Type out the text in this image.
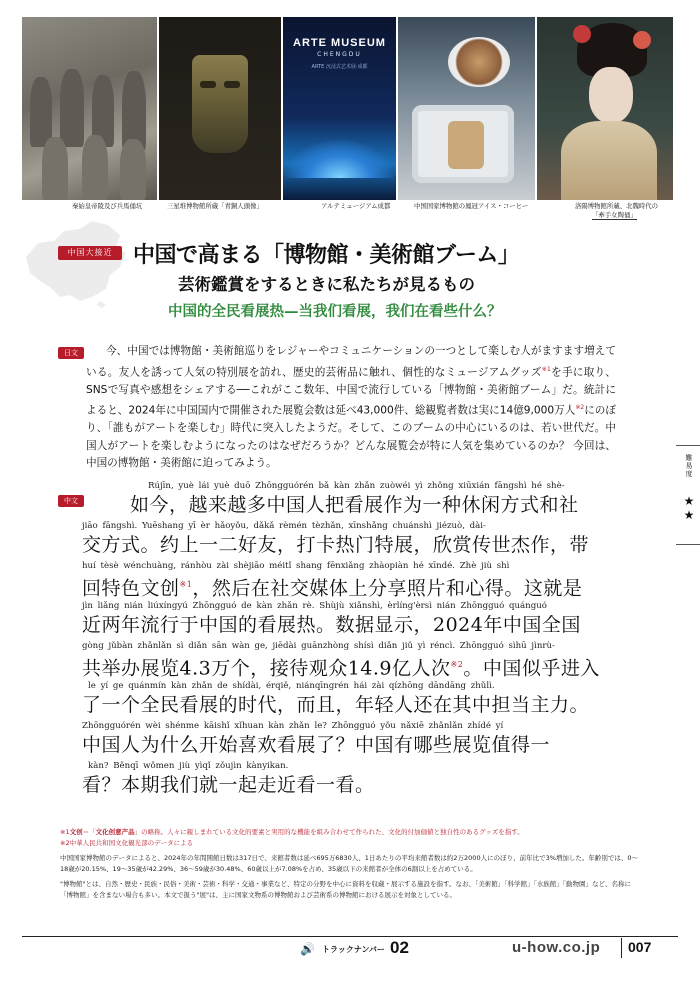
ARTE MUSEUM
CHENGDU
ARTE 沉浸式艺术展·成都
秦始皇帝陵及び兵馬俑坑	三星堆博物館所蔵「青銅人頭像」	アルテミュージアム成都	中国国家博物館の鳳冠アイス・コーヒー	洛陽博物館所蔵、北魏時代の
「牽手女陶俑」
中国大接近 中国で高まる「博物館・美術館ブーム」
芸術鑑賞をするときに私たちが見るもの
中国的全民看展热—当我们看展，我们在看些什么？
日文	今、中国では博物館・美術館巡りをレジャーやコミュニケーションの一つとして楽しむ人がますます増えている。友人を誘って人気の特別展を訪れ、歴史的芸術品に触れ、個性的なミュージアムグッズ$^{※1}$を手に取り、SNSで写真や感想をシェアする──これがここ数年、中国で流行している「博物館・美術館ブーム」だ。統計によると、2024年に中国国内で開催された展覧会数は延べ43,000件、総観覧者数は実に14億9,000万人$^{※2}$にのぼり、「誰もがアートを楽しむ」時代に突入したようだ。そして、このブームの中心にいるのは、若い世代だ。中国人がアートを楽しむようになったのはなぜだろうか？どんな展覧会が特に人気を集めているのか？ 今回は、中国の博物館・美術館に迫ってみよう。
中文
Rújīn, yuè lái yuè duō Zhōngguórén bǎ kàn zhǎn zuòwéi yì zhǒng xiūxián fāngshì hé shè-
如今，越来越多中国人把看展作为一种休闲方式和社
jiāo fāngshì. Yuēshang yī èr hǎoyǒu, dǎkǎ rèmén tèzhǎn, xīnshǎng chuánshì jiézuò, dài-
交方式。约上一二好友，打卡热门特展，欣赏传世杰作，带
huí tèsè wénchuàng, ránhòu zài shèjiāo méitǐ shang fēnxiǎng zhàopiàn hé xīndé. Zhè jiù shì
回特色文创$^{※1}$，然后在社交媒体上分享照片和心得。这就是
jìn liǎng nián liúxíngyú Zhōngguó de kàn zhǎn rè. Shùjù xiǎnshì, èrlíng'èrsì nián Zhōngguó quánguó
近两年流行于中国的看展热。数据显示，2024年中国全国
gòng jǔbàn zhǎnlǎn sì diǎn sān wàn ge, jiēdài guānzhòng shísì diǎn jiǔ yì réncì. Zhōngguó sìhū jìnrù-
共举办展览4.3万个，接待观众14.9亿人次$^{※2}$。中国似乎进入
le yí ge quánmín kàn zhǎn de shídài, érqiě, niánqīngrén hái zài qízhōng dāndāng zhǔlì.
了一个全民看展的时代，而且，年轻人还在其中担当主力。
Zhōngguórén wèi shénme kāishǐ xǐhuan kàn zhǎn le? Zhōngguó yǒu nǎxiē zhǎnlǎn zhídé yí
中国人为什么开始喜欢看展了？中国有哪些展览值得一
kàn? Běnqī wǒmen jiù yìqǐ zǒujìn kànyikan.
看？本期我们就一起走近看一看。
難易度
★★

※1文创＝「文化创意产品」の略称。人々に親しまれている文化的要素と実用的な機能を組み合わせて作られた、文化的付加価値と独自性のあるグッズを指す。

※2中華人民共和国文化観光部のデータによる

中国国家博物館のデータによると、2024年の年間開館日数は317日で、来館者数は延べ695万6830人、1日あたりの平均来館者数は約2万2000人にのぼり、前年比で3%増加した。年齢別では、0～18歳が20.15%、19～35歳が42.29%、36～59歳が30.48%、60歳以上が7.08%を占め、35歳以下の来館者が全体の6割以上を占めている。

"博物館"とは、自然・歴史・民族・民俗・美術・芸術・科学・交通・事業など、特定の分野を中心に資料を収蔵・展示する施設を指す。なお、「美術館」「科学館」「水族館」「動物園」など、名称に「博物館」を含まない場合も多い。本文で扱う"展"は、主に国家文物系の博物館および芸術系の博物館における展示を対象としている。

🔊 トラックナンバー 02	u-how.co.jp 007
